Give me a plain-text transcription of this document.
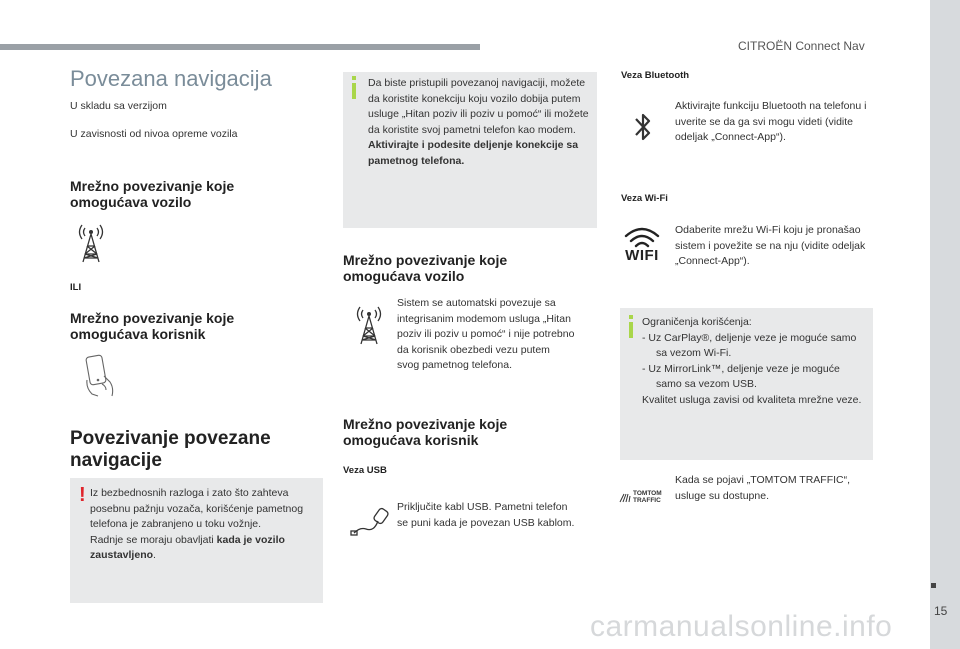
CITROËN Connect Nav
15
Povezana navigacija
U skladu sa verzijom
U zavisnosti od nivoa opreme vozila
Mrežno povezivanje koje omogućava vozilo
ILI
Mrežno povezivanje koje omogućava korisnik
Povezivanje povezane navigacije
! Iz bezbednosnih razloga i zato što zahteva posebnu pažnju vozača, korišćenje pametnog telefona je zabranjeno u toku vožnje.
Radnje se moraju obavljati kada je vozilo zaustavljeno.
Da biste pristupili povezanoj navigaciji, možete da koristite konekciju koju vozilo dobija putem usluge „Hitan poziv ili poziv u pomoć“ ili možete da koristite svoj pametni telefon kao modem.
Aktivirajte i podesite deljenje konekcije sa pametnog telefona.
Mrežno povezivanje koje omogućava vozilo
Sistem se automatski povezuje sa integrisanim modemom usluga „Hitan poziv ili poziv u pomoć“ i nije potrebno da korisnik obezbedi vezu putem svog pametnog telefona.
Mrežno povezivanje koje omogućava korisnik
Veza USB
Priključite kabl USB. Pametni telefon se puni kada je povezan USB kablom.
Veza Bluetooth
Aktivirajte funkciju Bluetooth na telefonu i uverite se da ga svi mogu videti (vidite odeljak „Connect-App“).
Veza Wi-Fi
WIFI
Odaberite mrežu Wi-Fi koju je pronašao sistem i povežite se na nju (vidite odeljak „Connect-App“).
Ograničenja korišćenja:
- Uz CarPlay®, deljenje veze je moguće samo sa vezom Wi-Fi.
- Uz MirrorLink™, deljenje veze je moguće samo sa vezom USB.
Kvalitet usluga zavisi od kvaliteta mrežne veze.
TOMTOM
TRAFFIC
Kada se pojavi „TOMTOM TRAFFIC“, usluge su dostupne.
carmanualsonline.info
